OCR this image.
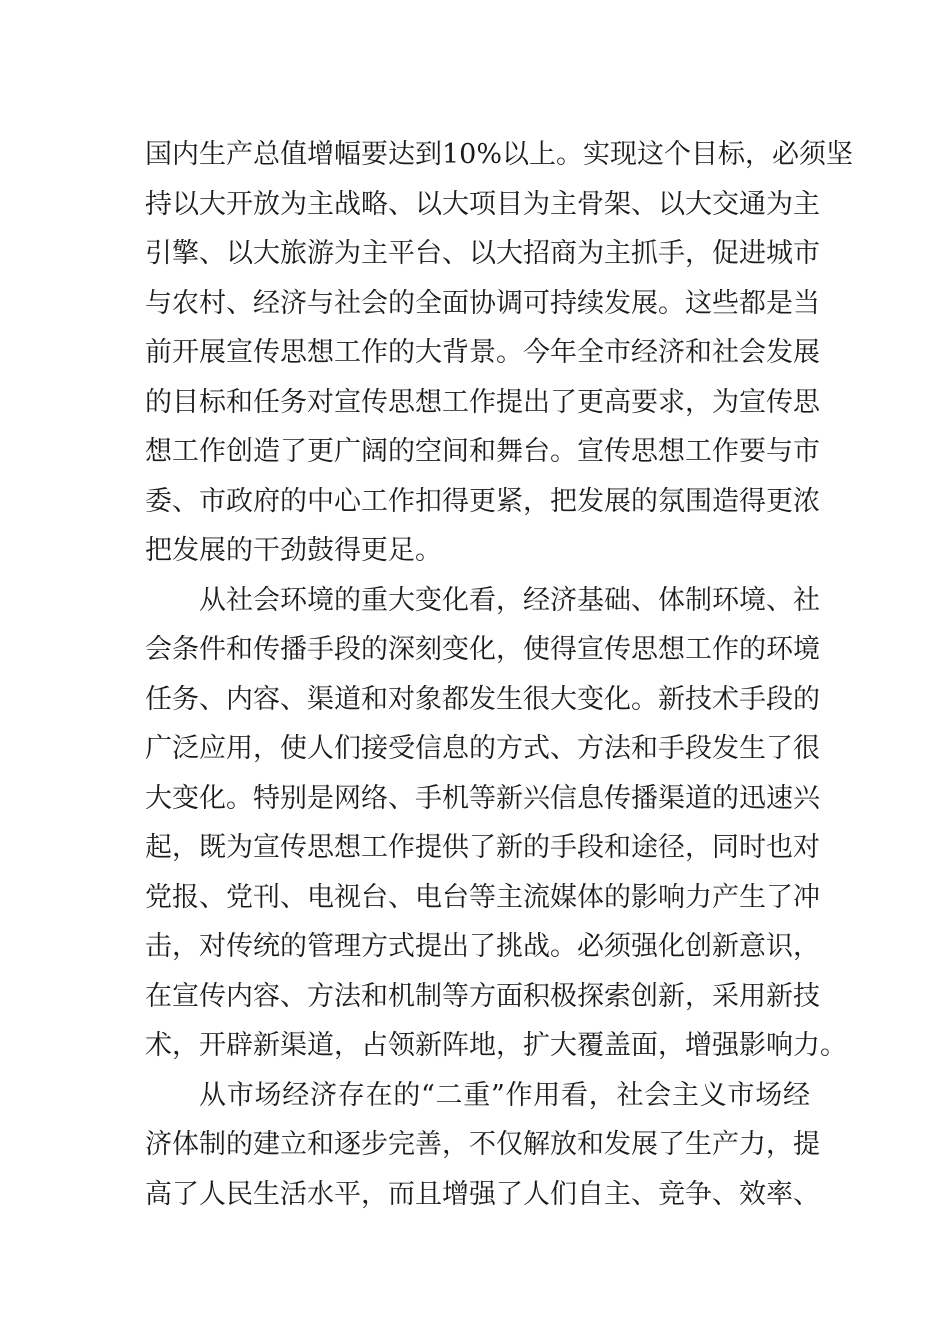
国内生产总值增幅要达到10%以上。实现这个目标，必须坚
持以大开放为主战略、以大项目为主骨架、以大交通为主
引擎、以大旅游为主平台、以大招商为主抓手，促进城市
与农村、经济与社会的全面协调可持续发展。这些都是当
前开展宣传思想工作的大背景。今年全市经济和社会发展
的目标和任务对宣传思想工作提出了更高要求，为宣传思
想工作创造了更广阔的空间和舞台。宣传思想工作要与市
委、市政府的中心工作扣得更紧，把发展的氛围造得更浓
把发展的干劲鼓得更足。
从社会环境的重大变化看，经济基础、体制环境、社
会条件和传播手段的深刻变化，使得宣传思想工作的环境
任务、内容、渠道和对象都发生很大变化。新技术手段的
广泛应用，使人们接受信息的方式、方法和手段发生了很
大变化。特别是网络、手机等新兴信息传播渠道的迅速兴
起，既为宣传思想工作提供了新的手段和途径，同时也对
党报、党刊、电视台、电台等主流媒体的影响力产生了冲
击，对传统的管理方式提出了挑战。必须强化创新意识，
在宣传内容、方法和机制等方面积极探索创新，采用新技
术，开辟新渠道，占领新阵地，扩大覆盖面，增强影响力。
从市场经济存在的“二重”作用看，社会主义市场经
济体制的建立和逐步完善，不仅解放和发展了生产力，提
高了人民生活水平，而且增强了人们自主、竞争、效率、
